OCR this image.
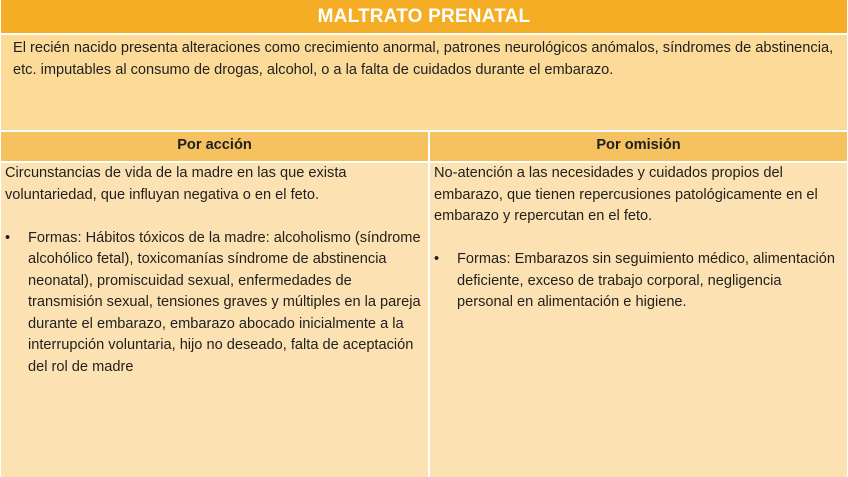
MALTRATO PRENATAL
El recién nacido presenta alteraciones como crecimiento anormal, patrones neurológicos anómalos, síndromes de abstinencia, etc. imputables al consumo de drogas, alcohol, o a la falta de cuidados durante el embarazo.
Por acción	Por omisión

Circunstancias de vida de la madre en las que exista voluntariedad, que influyan negativa o en el feto.

• Formas: Hábitos tóxicos de la madre: alcoholismo (síndrome alcohólico fetal), toxicomanías síndrome de abstinencia neonatal), promiscuidad sexual, enfermedades de transmisión sexual, tensiones graves y múltiples en la pareja durante el embarazo, embarazo abocado inicialmente a la interrupción voluntaria, hijo no deseado, falta de aceptación del rol de madre

No-atención a las necesidades y cuidados propios del embarazo, que tienen repercusiones patológicamente en el embarazo y repercutan en el feto.

• Formas: Embarazos sin seguimiento médico, alimentación deficiente, exceso de trabajo corporal, negligencia personal en alimentación e higiene.
